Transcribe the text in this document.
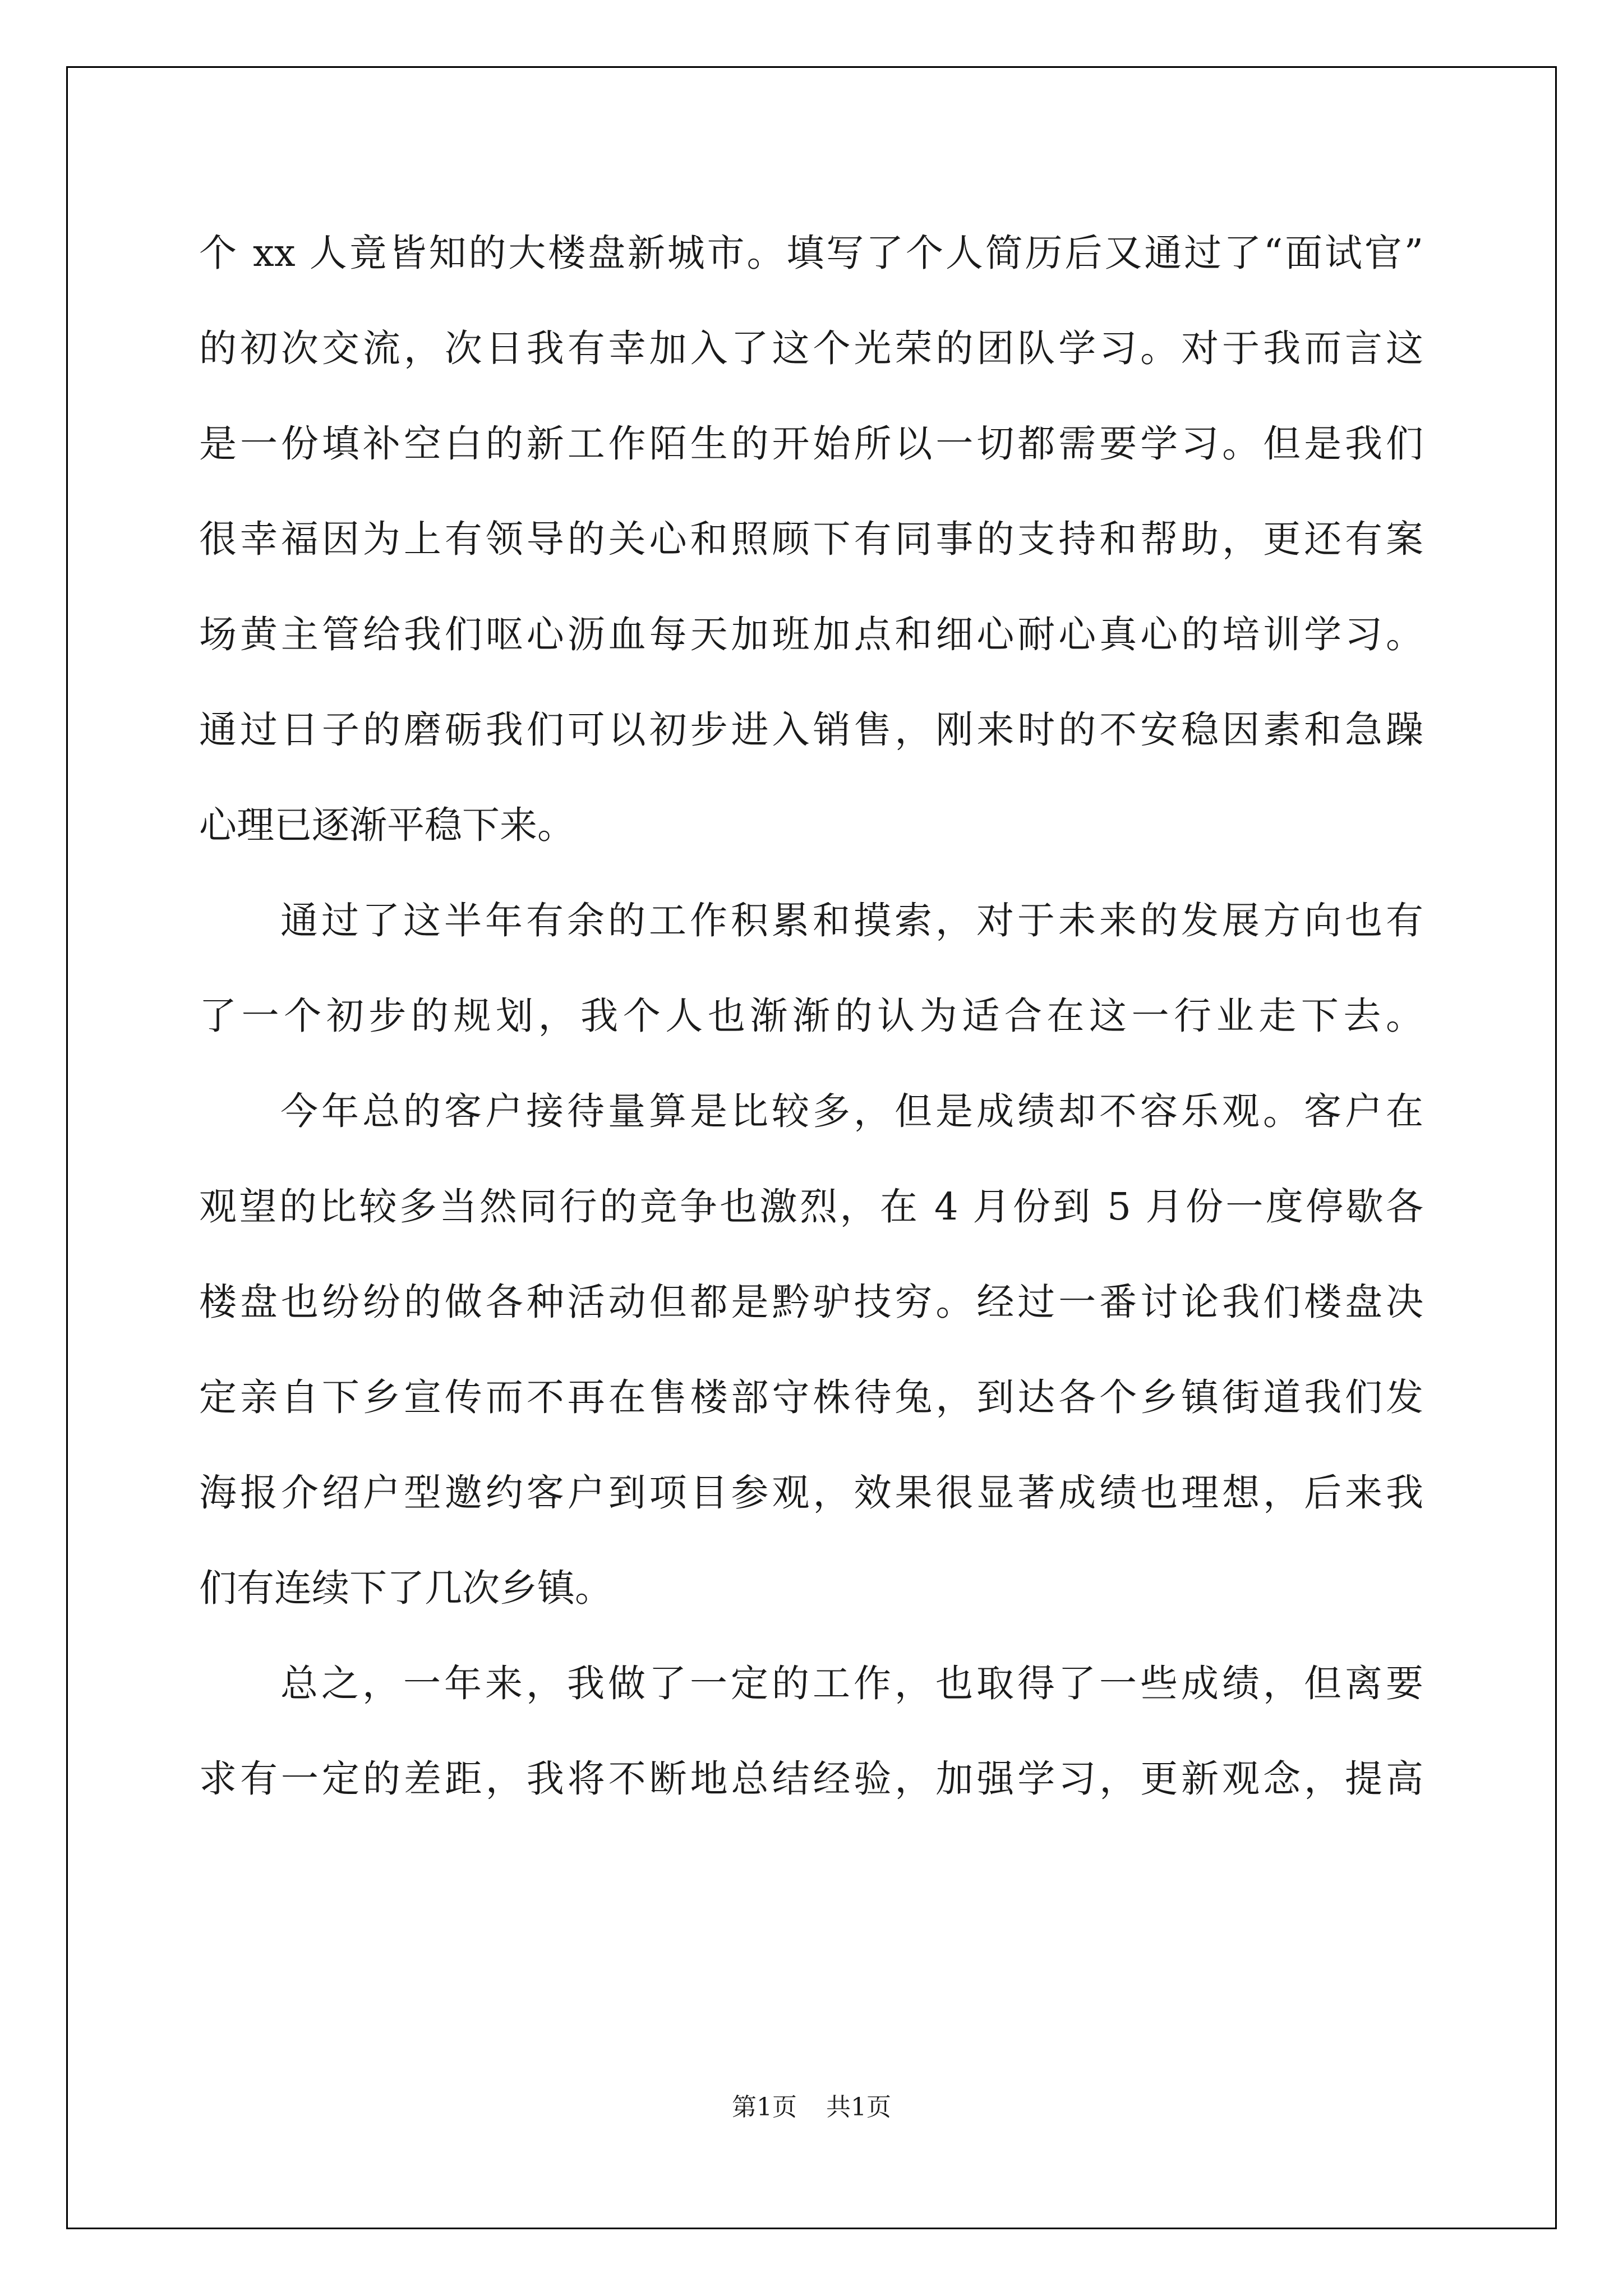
个 xx 人竟皆知的大楼盘新城市。填写了个人简历后又通过了“面试官”
的初次交流，次日我有幸加入了这个光荣的团队学习。对于我而言这
是一份填补空白的新工作陌生的开始所以一切都需要学习。但是我们
很幸福因为上有领导的关心和照顾下有同事的支持和帮助，更还有案
场黄主管给我们呕心沥血每天加班加点和细心耐心真心的培训学习。
通过日子的磨砺我们可以初步进入销售，刚来时的不安稳因素和急躁
心理已逐渐平稳下来。
通过了这半年有余的工作积累和摸索，对于未来的发展方向也有
了一个初步的规划，我个人也渐渐的认为适合在这一行业走下去。
今年总的客户接待量算是比较多，但是成绩却不容乐观。客户在
观望的比较多当然同行的竞争也激烈，在 4 月份到 5 月份一度停歇各
楼盘也纷纷的做各种活动但都是黔驴技穷。经过一番讨论我们楼盘决
定亲自下乡宣传而不再在售楼部守株待兔，到达各个乡镇街道我们发
海报介绍户型邀约客户到项目参观，效果很显著成绩也理想，后来我
们有连续下了几次乡镇。
总之，一年来，我做了一定的工作，也取得了一些成绩，但离要
求有一定的差距，我将不断地总结经验，加强学习，更新观念，提高
第1页 共1页
